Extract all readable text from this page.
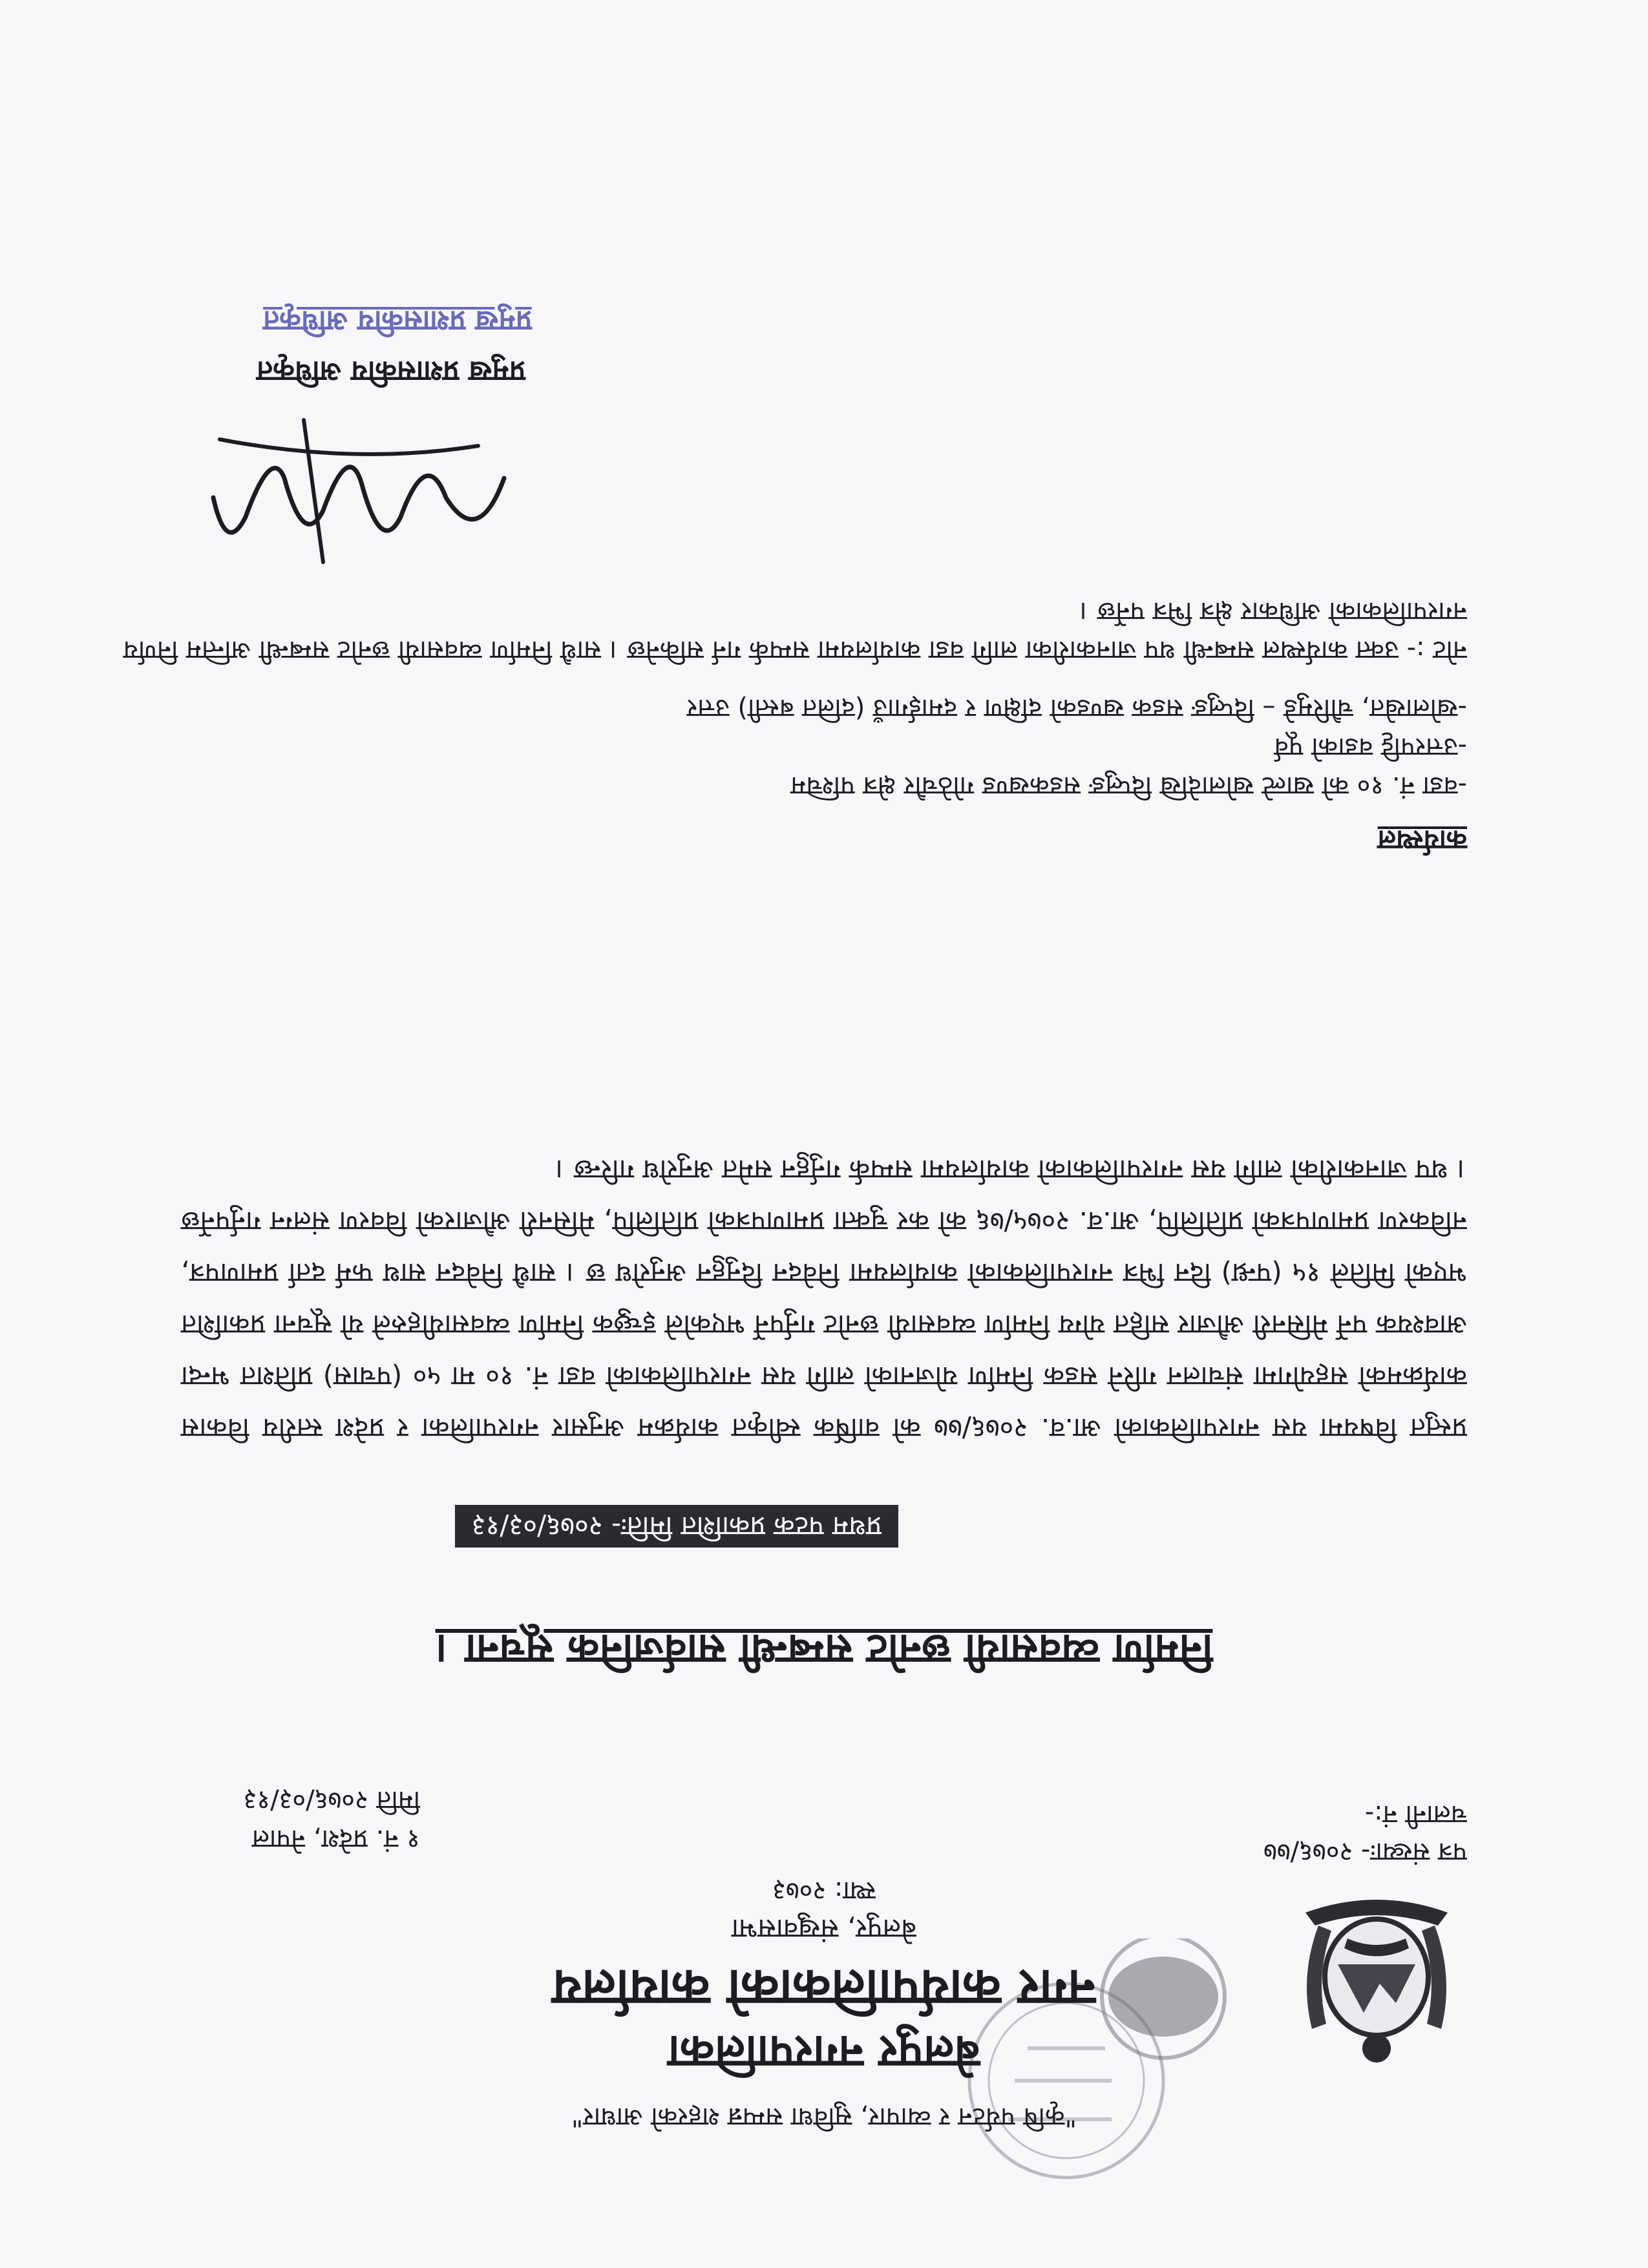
"कृषि पर्यटन र व्यापार, सुविधा सम्पन्न शहरको आधार"
बेलपुर नगरपालिका
नगर कार्यपालिकाको कार्यालय
बेलपुर, संखुवासभा
स्था: २०७३
पत्र संख्याः- २०७६/७७
चलानी नं:-
१ नं. प्रदेश, नेपाल
मिति २०७६/०३/१३
निर्माण व्यवसायी छनोट सम्बन्धी सार्वजनिक सूचना ।
प्रथम पटक प्रकाशित मितिः- २०७६/०३/१३
प्रस्तुत विषयमा यस नगरपालिकाको आ.व. २०७६/७७ को वार्षिक स्वीकृत कार्यक्रम अनुसार नगरपालिका र प्रदेश स्तरीय विकास कार्यक्रमको सहयोगमा संचालन गरिने सडक निर्माण योजनाको लागि यस नगरपालिकाको वडा नं. १० मा ५० (पचास) प्रतिशत भन्दा आवश्यक पर्ने मेसिनरी औजार सहित योग्य निर्माण व्यवसायी छनोट गर्नुपर्ने भएकोले इच्छुक निर्माण व्यवसायीहरुले यो सूचना प्रकाशित भएको मितिले १५ (पन्ध्र) दिन भित्र नगरपालिकाको कार्यालयमा निवेदन दिनुहुन अनुरोध छ । साथै निवेदन साथ फर्म दर्ता प्रमाणपत्र, नविकरण प्रमाणपत्रको प्रतिलिपि, आ.व. २०७५/७६ को कर चुक्ता प्रमाणपत्रको प्रतिलिपि, मेसिनरी औजारको विवरण संलग्न गर्नुपर्नेछ । थप जानकारीको लागि यस नगरपालिकाको कार्यालयमा सम्पर्क गर्नुहुन समेत अनुरोध गरिन्छ ।
कार्यस्थल
-वडा नं. १० को खाल्टे खोलादेखि दिप्लुङ सडकखण्ड गोठेचौर क्षेत्र पश्चिम
-उत्तरपट्टि वडाको पूर्व
-खोलाखेत, चौरिमुडे – दिप्लुङ सडक खण्डको दक्षिण र दमाईगाउँ (दलित बस्ती) उत्तर
नोट :- उक्त कार्यस्थल सम्बन्धी थप जानकारीका लागि वडा कार्यालयमा सम्पर्क गर्न सकिनेछ । साथै निर्माण व्यवसायी छनोट सम्बन्धी अन्तिम निर्णय
नगरपालिकाको अधिकार क्षेत्र भित्र पर्नेछ ।
प्रमुख प्रशासकीय अधिकृत
प्रमुख प्रशासकीय अधिकृत
